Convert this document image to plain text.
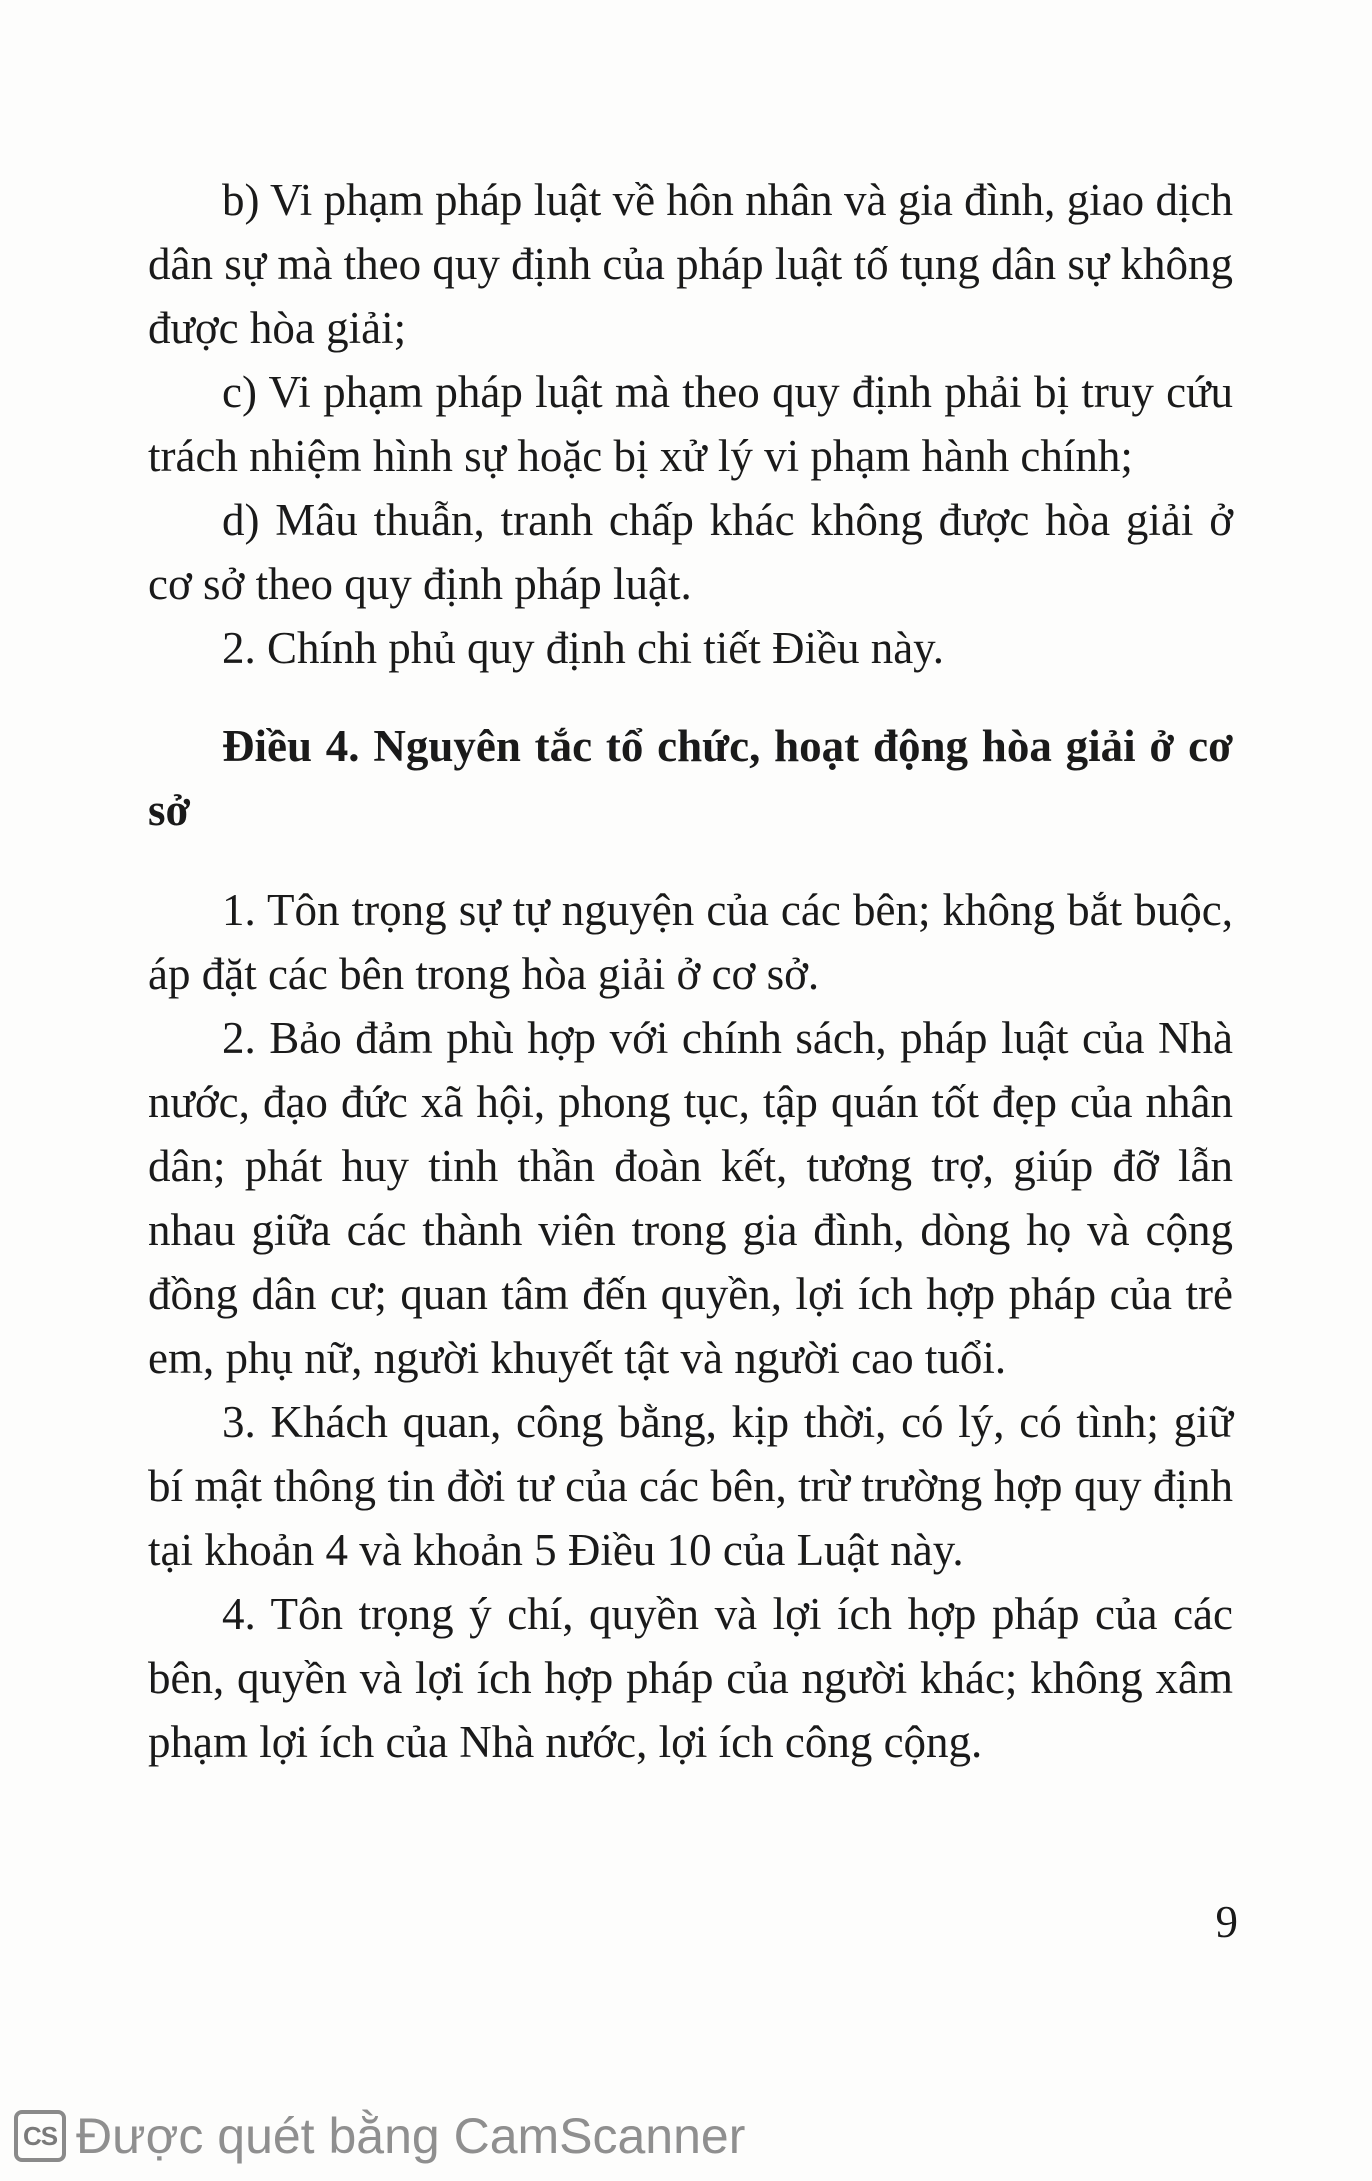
b) Vi phạm pháp luật về hôn nhân và gia đình, giao dịch dân sự mà theo quy định của pháp luật tố tụng dân sự không được hòa giải;

c) Vi phạm pháp luật mà theo quy định phải bị truy cứu trách nhiệm hình sự hoặc bị xử lý vi phạm hành chính;

d) Mâu thuẫn, tranh chấp khác không được hòa giải ở cơ sở theo quy định pháp luật.

2. Chính phủ quy định chi tiết Điều này.

Điều 4. Nguyên tắc tổ chức, hoạt động hòa giải ở cơ sở

1. Tôn trọng sự tự nguyện của các bên; không bắt buộc, áp đặt các bên trong hòa giải ở cơ sở.

2. Bảo đảm phù hợp với chính sách, pháp luật của Nhà nước, đạo đức xã hội, phong tục, tập quán tốt đẹp của nhân dân; phát huy tinh thần đoàn kết, tương trợ, giúp đỡ lẫn nhau giữa các thành viên trong gia đình, dòng họ và cộng đồng dân cư; quan tâm đến quyền, lợi ích hợp pháp của trẻ em, phụ nữ, người khuyết tật và người cao tuổi.

3. Khách quan, công bằng, kịp thời, có lý, có tình; giữ bí mật thông tin đời tư của các bên, trừ trường hợp quy định tại khoản 4 và khoản 5 Điều 10 của Luật này.

4. Tôn trọng ý chí, quyền và lợi ích hợp pháp của các bên, quyền và lợi ích hợp pháp của người khác; không xâm phạm lợi ích của Nhà nước, lợi ích công cộng.

9
CS Được quét bằng CamScanner
